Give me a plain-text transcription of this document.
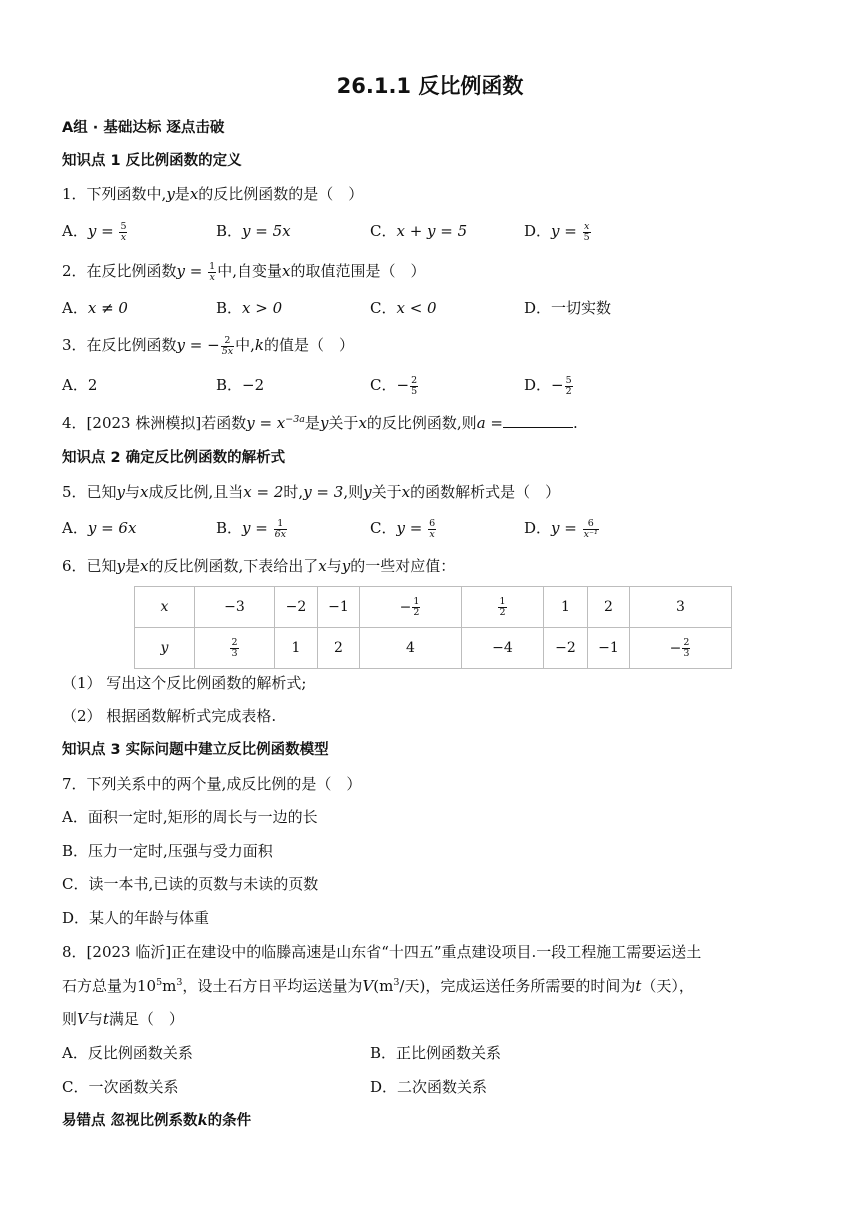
26.1.1 反比例函数
A组 · 基础达标 逐点击破
知识点 1 反比例函数的定义
1．下列函数中,y是x的反比例函数的是（　）
A．$y = \frac{5}{x}$	B．y = 5x	C．x + y = 5	D．$y = \frac{x}{5}$
2．在反比例函数$y = \frac{1}{x}$ 中,自变量x的取值范围是（　）
A．x ≠ 0	B．x > 0	C．x < 0	D．一切实数
3．在反比例函数y = − $\frac{2}{5x}$ 中,k的值是（　）
A．2	B．−2	C．− $\frac{2}{5}$	D．− $\frac{5}{2}$
4．[2023 株洲模拟]若函数$y = x^{-3a}$是y关于x的反比例函数,则a =	.
知识点 2 确定反比例函数的解析式
5．已知y与x成反比例,且当x = 2时,y = 3,则y关于x的函数解析式是（　）
A．y = 6x	B．$y = \frac{1}{6x}$	C．$y = \frac{6}{x}$	D．$y = \frac{6}{\text{x⁻¹}}$
6．已知y是x的反比例函数,下表给出了x与y的一些对应值：
x	−3	−2	−1	− $\frac{1}{2}$	$\frac{1}{2}$	1	2	3
y	$\frac{2}{3}$	1	2	4	−4	−2	−1	− $\frac{2}{3}$
（1） 写出这个反比例函数的解析式;
（2） 根据函数解析式完成表格.
知识点 3 实际问题中建立反比例函数模型
7．下列关系中的两个量,成反比例的是（　）
A．面积一定时,矩形的周长与一边的长
B．压力一定时,压强与受力面积
C．读一本书,已读的页数与未读的页数
D．某人的年龄与体重
8．[2023 临沂]正在建设中的临滕高速是山东省“十四五”重点建设项目.一段工程施工需要运送土
石方总量为$10^5m^3$，设土石方日平均运送量为$V(m^3/$天)，完成运送任务所需要的时间为t（天），
则V与t满足（　）
A．反比例函数关系	B．正比例函数关系
C．一次函数关系	D．二次函数关系
易错点 忽视比例系数k的条件
